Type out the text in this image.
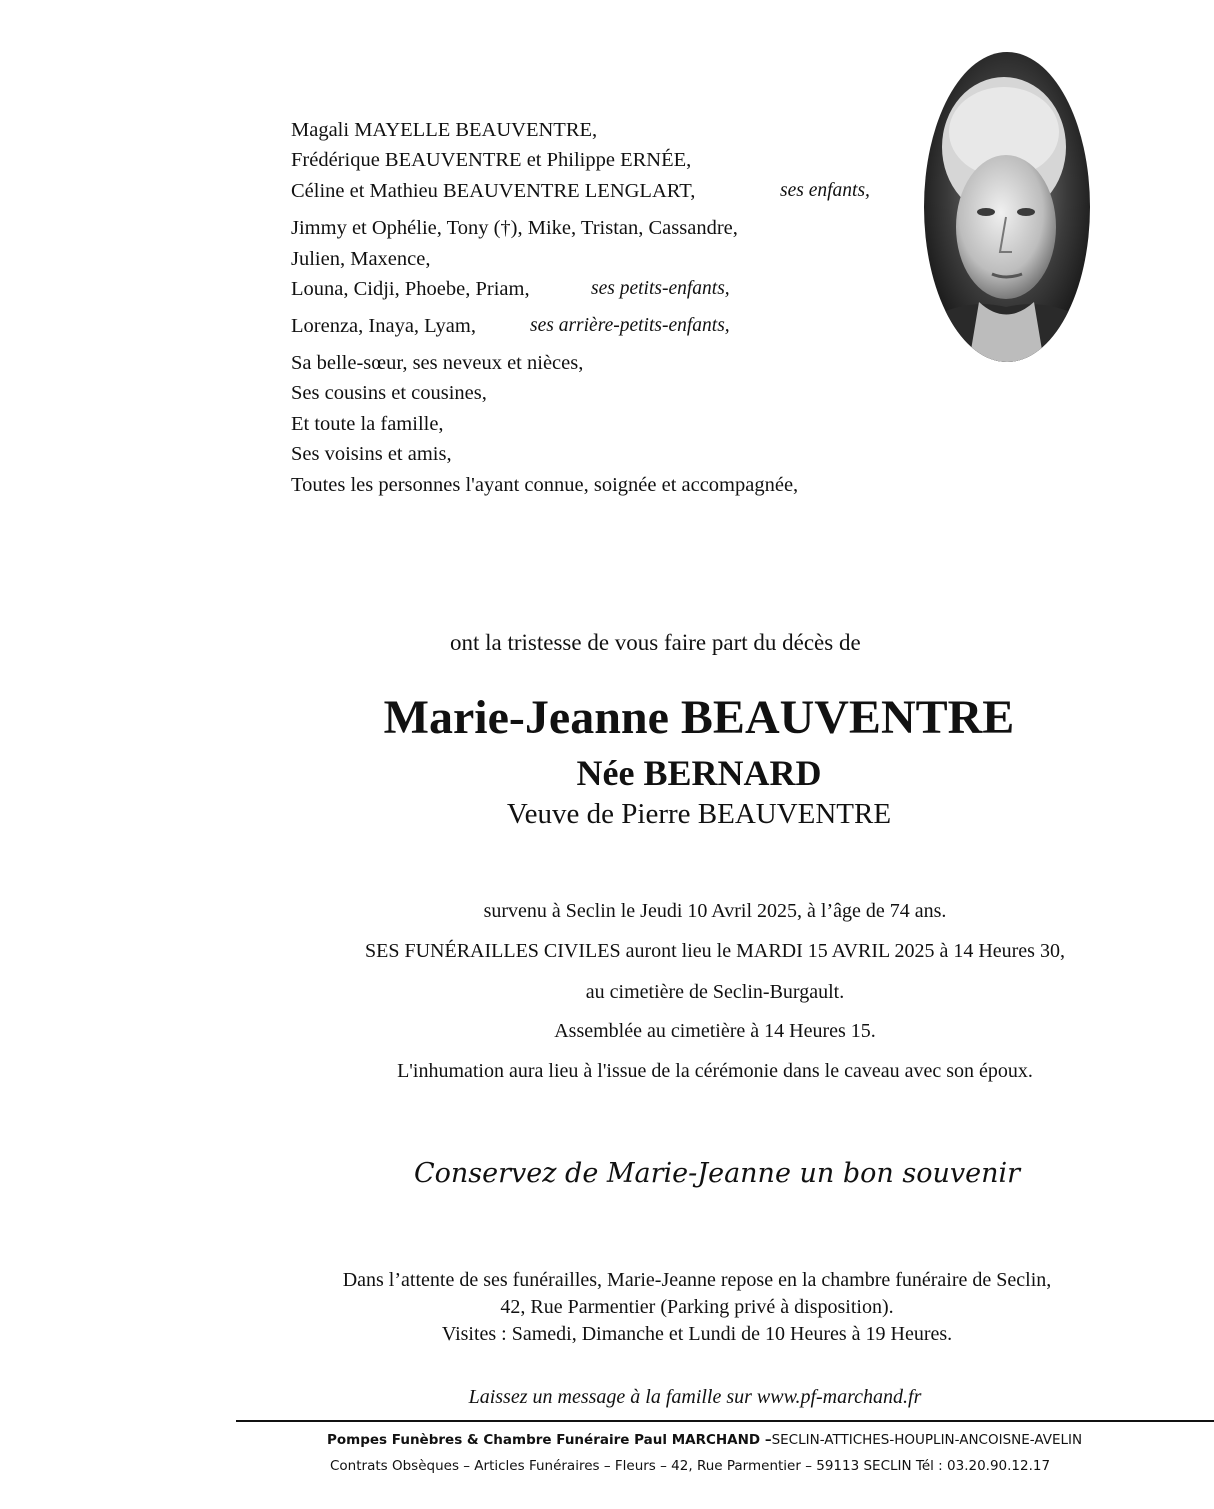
Magali MAYELLE BEAUVENTRE,
Frédérique BEAUVENTRE et Philippe ERNÉE,
Céline et Mathieu BEAUVENTRE LENGLART,	ses enfants,
Jimmy et Ophélie, Tony (†), Mike, Tristan, Cassandre,
Julien, Maxence,
Louna, Cidji, Phoebe, Priam,	ses petits-enfants,
Lorenza, Inaya, Lyam,	ses arrière-petits-enfants,
Sa belle-sœur, ses neveux et nièces,
Ses cousins et cousines,
Et toute la famille,
Ses voisins et amis,
Toutes les personnes l'ayant connue, soignée et accompagnée,
ont la tristesse de vous faire part du décès de
Marie-Jeanne BEAUVENTRE
Née BERNARD
Veuve de Pierre BEAUVENTRE
survenu à Seclin le Jeudi 10 Avril 2025, à l’âge de 74 ans.
SES FUNÉRAILLES CIVILES auront lieu le MARDI 15 AVRIL 2025 à 14 Heures 30,
au cimetière de Seclin-Burgault.
Assemblée au cimetière à 14 Heures 15.
L'inhumation aura lieu à l'issue de la cérémonie dans le caveau avec son époux.
Conservez de Marie-Jeanne un bon souvenir
Dans l’attente de ses funérailles, Marie-Jeanne repose en la chambre funéraire de Seclin,
42, Rue Parmentier (Parking privé à disposition).
Visites : Samedi, Dimanche et Lundi de 10 Heures à 19 Heures.
Laissez un message à la famille sur www.pf-marchand.fr
Pompes Funèbres & Chambre Funéraire Paul MARCHAND –SECLIN-ATTICHES-HOUPLIN-ANCOISNE-AVELIN
Contrats Obsèques – Articles Funéraires – Fleurs – 42, Rue Parmentier – 59113 SECLIN Tél : 03.20.90.12.17
